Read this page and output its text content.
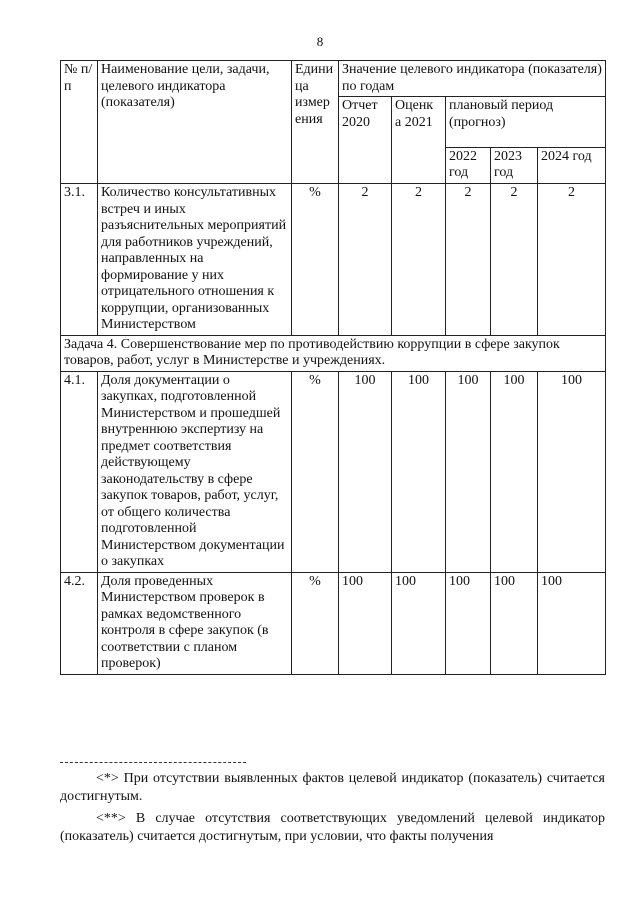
8
№ п/п	Наименование цели, задачи, целевого индикатора (показателя)	Едини ца измер ения	Значение целевого индикатора (показателя) по годам				
			Отчет 2020	Оценк а 2021	плановый период (прогноз)		
					2022 год	2023 год	2024 год
3.1.	Количество консультативных встреч и иных разъяснительных мероприятий для работников учреждений, направленных на формирование у них отрицательного отношения к коррупции, организованных Министерством	%	2	2	2	2	2
Задача 4. Совершенствование мер по противодействию коррупции в сфере закупок товаров, работ, услуг в Министерстве и учреждениях.							
4.1.	Доля документации о закупках, подготовленной Министерством и прошедшей внутреннюю экспертизу на предмет соответствия действующему законодательству в сфере закупок товаров, работ, услуг, от общего количества подготовленной Министерством документации о закупках	%	100	100	100	100	100
4.2.	Доля проведенных Министерством проверок в рамках ведомственного контроля в сфере закупок (в соответствии с планом проверок)	%	100	100	100	100	100
<*> При отсутствии выявленных фактов целевой индикатор (показатель) считается достигнутым.
<**> В случае отсутствия соответствующих уведомлений целевой индикатор (показатель) считается достигнутым, при условии, что факты получения
